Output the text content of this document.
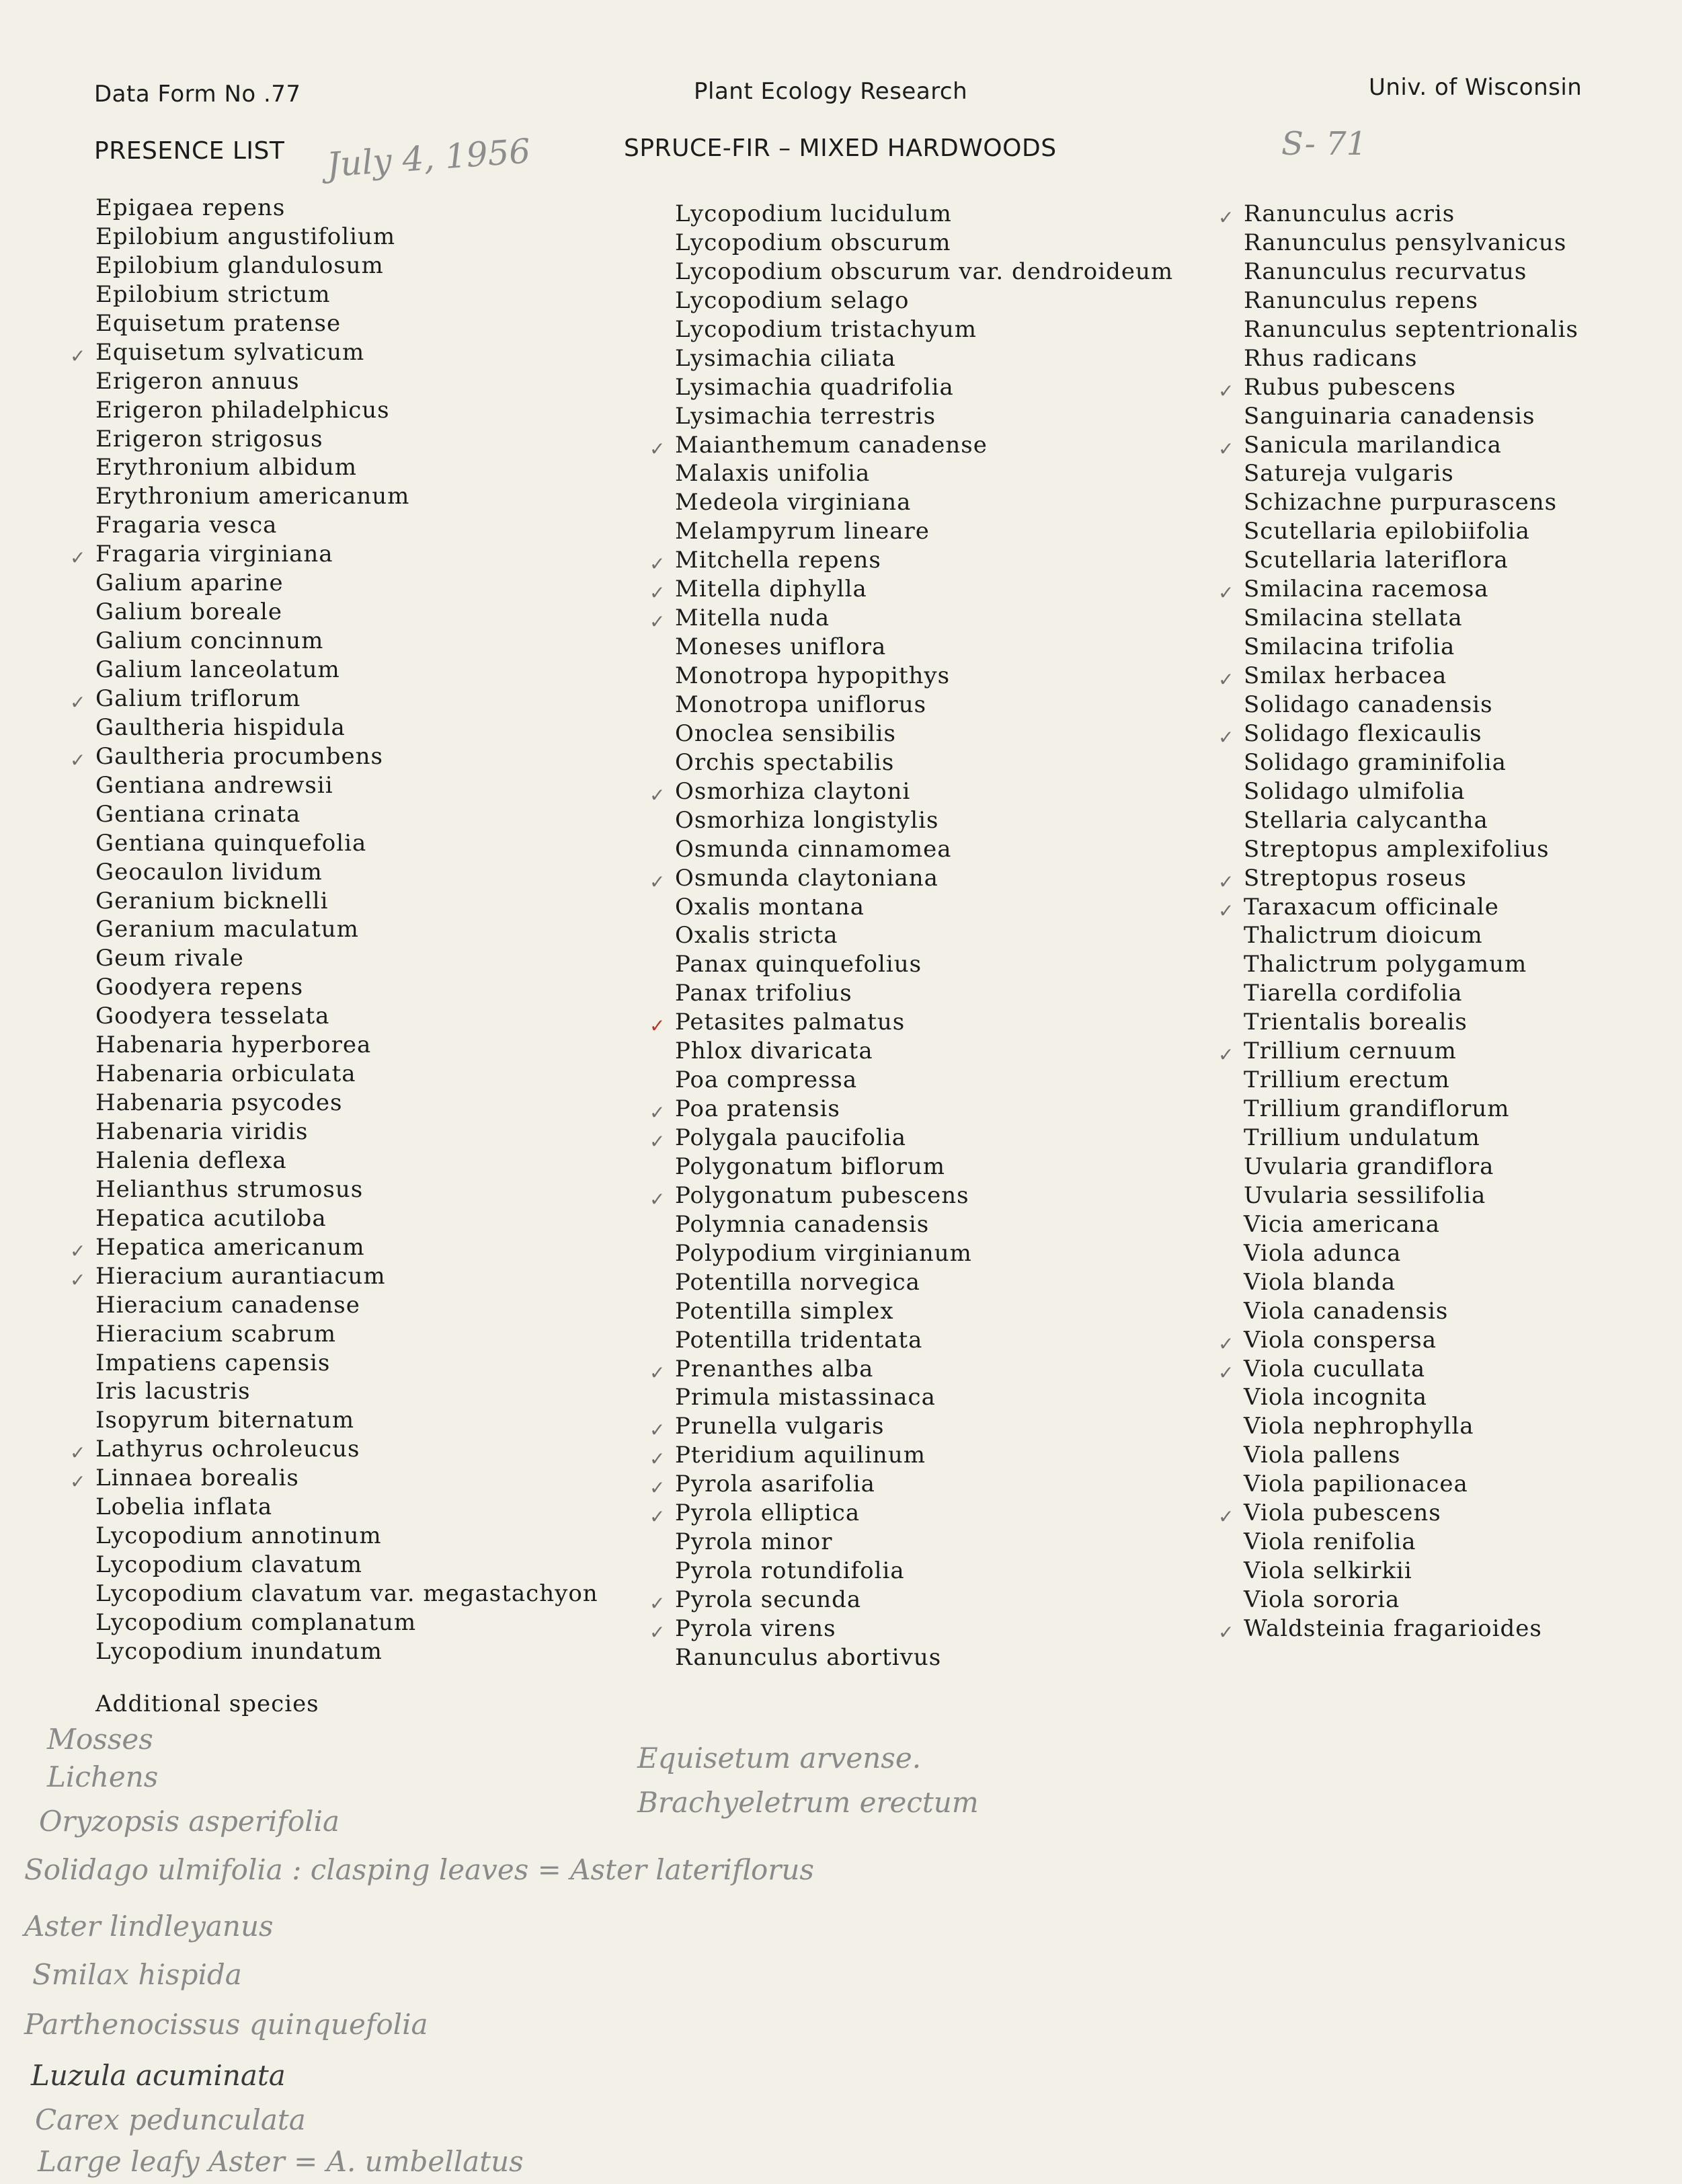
Data Form No .77	Plant Ecology Research	Univ. of Wisconsin
PRESENCE LIST July 4, 1956	SPRUCE-FIR – MIXED HARDWOODS	S- 71
Epigaea repens
Epilobium angustifolium
Epilobium glandulosum
Epilobium strictum
Equisetum pratense
✓ Equisetum sylvaticum
Erigeron annuus
Erigeron philadelphicus
Erigeron strigosus
Erythronium albidum
Erythronium americanum
Fragaria vesca
✓ Fragaria virginiana
Galium aparine
Galium boreale
Galium concinnum
Galium lanceolatum
✓ Galium triflorum
Gaultheria hispidula
✓ Gaultheria procumbens
Gentiana andrewsii
Gentiana crinata
Gentiana quinquefolia
Geocaulon lividum
Geranium bicknelli
Geranium maculatum
Geum rivale
Goodyera repens
Goodyera tesselata
Habenaria hyperborea
Habenaria orbiculata
Habenaria psycodes
Habenaria viridis
Halenia deflexa
Helianthus strumosus
Hepatica acutiloba
✓ Hepatica americanum
✓ Hieracium aurantiacum
Hieracium canadense
Hieracium scabrum
Impatiens capensis
Iris lacustris
Isopyrum biternatum
✓ Lathyrus ochroleucus
✓ Linnaea borealis
Lobelia inflata
Lycopodium annotinum
Lycopodium clavatum
Lycopodium clavatum var. megastachyon
Lycopodium complanatum
Lycopodium inundatum
Lycopodium lucidulum
Lycopodium obscurum
Lycopodium obscurum var. dendroideum
Lycopodium selago
Lycopodium tristachyum
Lysimachia ciliata
Lysimachia quadrifolia
Lysimachia terrestris
✓ Maianthemum canadense
Malaxis unifolia
Medeola virginiana
Melampyrum lineare
✓ Mitchella repens
✓ Mitella diphylla
✓ Mitella nuda
Moneses uniflora
Monotropa hypopithys
Monotropa uniflorus
Onoclea sensibilis
Orchis spectabilis
✓ Osmorhiza claytoni
Osmorhiza longistylis
Osmunda cinnamomea
✓ Osmunda claytoniana
Oxalis montana
Oxalis stricta
Panax quinquefolius
Panax trifolius
✓ Petasites palmatus
Phlox divaricata
Poa compressa
✓ Poa pratensis
✓ Polygala paucifolia
Polygonatum biflorum
✓ Polygonatum pubescens
Polymnia canadensis
Polypodium virginianum
Potentilla norvegica
Potentilla simplex
Potentilla tridentata
✓ Prenanthes alba
Primula mistassinaca
✓ Prunella vulgaris
✓ Pteridium aquilinum
✓ Pyrola asarifolia
✓ Pyrola elliptica
Pyrola minor
Pyrola rotundifolia
✓ Pyrola secunda
✓ Pyrola virens
Ranunculus abortivus
✓ Ranunculus acris
Ranunculus pensylvanicus
Ranunculus recurvatus
Ranunculus repens
Ranunculus septentrionalis
Rhus radicans
✓ Rubus pubescens
Sanguinaria canadensis
✓ Sanicula marilandica
Satureja vulgaris
Schizachne purpurascens
Scutellaria epilobiifolia
Scutellaria lateriflora
✓ Smilacina racemosa
Smilacina stellata
Smilacina trifolia
✓ Smilax herbacea
Solidago canadensis
✓ Solidago flexicaulis
Solidago graminifolia
Solidago ulmifolia
Stellaria calycantha
Streptopus amplexifolius
✓ Streptopus roseus
✓ Taraxacum officinale
Thalictrum dioicum
Thalictrum polygamum
Tiarella cordifolia
Trientalis borealis
✓ Trillium cernuum
Trillium erectum
Trillium grandiflorum
Trillium undulatum
Uvularia grandiflora
Uvularia sessilifolia
Vicia americana
Viola adunca
Viola blanda
Viola canadensis
✓ Viola conspersa
✓ Viola cucullata
Viola incognita
Viola nephrophylla
Viola pallens
Viola papilionacea
✓ Viola pubescens
Viola renifolia
Viola selkirkii
Viola sororia
✓ Waldsteinia fragarioides
Additional species
Mosses
Lichens
Oryzopsis asperifolia
Solidago ulmifolia : clasping leaves = Aster lateriflorus
Aster lindleyanus
Smilax hispida
Parthenocissus quinquefolia
Luzula acuminata
Carex pedunculata
Large leafy Aster = A. umbellatus
Equisetum arvense.
Brachyeletrum erectum
